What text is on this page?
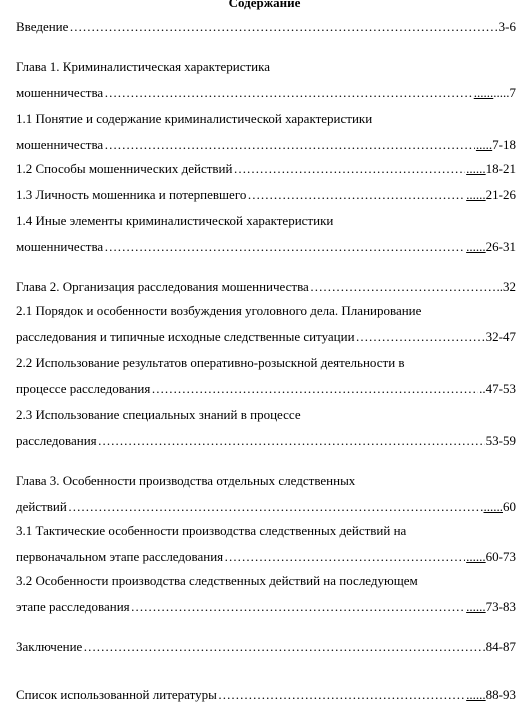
Содержание
Введение ………………………………………………………………………………………………………………………………………………………………	3-6
Глава 1. Криминалистическая характеристика
мошенничества ………………………………………………………………………………………………………………………………………………………………	...... .....7
1.1 Понятие и содержание криминалистической характеристики
мошенничества ………………………………………………………………………………………………………………………………………………………………	..... 7-18
1.2 Способы мошеннических действий ………………………………………………………………………………………………………………………………………………………………	...... 18-21
1.3 Личность мошенника и потерпевшего ………………………………………………………………………………………………………………………………………………………………	...... 21-26
1.4 Иные элементы криминалистической характеристики
мошенничества ………………………………………………………………………………………………………………………………………………………………	...... 26-31
Глава 2. Организация расследования мошенничества ………………………………………………………………………………………………………………………………………………………………	..32
2.1 Порядок и особенности возбуждения уголовного дела. Планирование
расследования и типичные исходные следственные ситуации ………………………………………………………………………………………………………………………………………………………………	32-47
2.2 Использование результатов оперативно-розыскной деятельности в
процессе расследования ………………………………………………………………………………………………………………………………………………………………	..47-53
2.3 Использование специальных знаний в процессе
расследования ………………………………………………………………………………………………………………………………………………………………	53-59
Глава 3. Особенности производства отдельных следственных
действий ………………………………………………………………………………………………………………………………………………………………	...... 60
3.1 Тактические особенности производства следственных действий на
первоначальном этапе расследования ………………………………………………………………………………………………………………………………………………………………	...... 60-73
3.2 Особенности производства следственных действий на последующем
этапе расследования ………………………………………………………………………………………………………………………………………………………………	...... 73-83
Заключение ………………………………………………………………………………………………………………………………………………………………	84-87
Список использованной литературы ………………………………………………………………………………………………………………………………………………………………	...... 88-93
